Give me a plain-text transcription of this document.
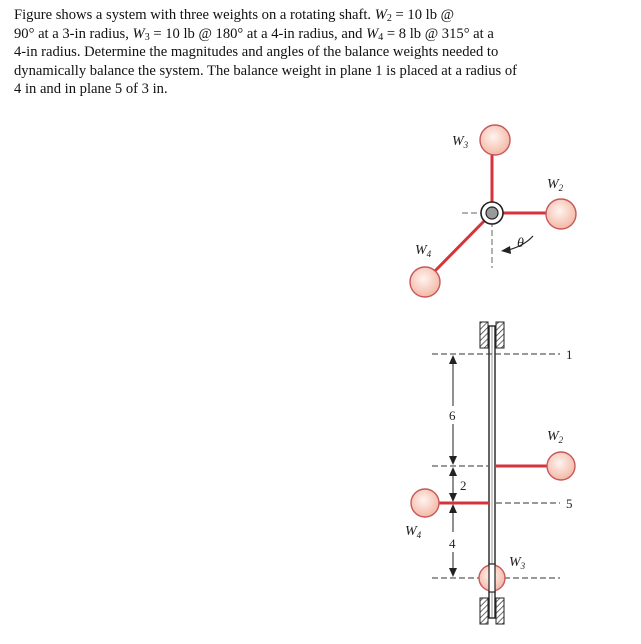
Figure shows a system with three weights on a rotating shaft. $W_2 = 10$ lb @
90° at a 3-in radius, $W_3 = 10$ lb @ 180° at a 4-in radius, and $W_4 = 8$ lb @ 315° at a
4-in radius. Determine the magnitudes and angles of the balance weights needed to
dynamically balance the system. The balance weight in plane 1 is placed at a radius of
4 in and in plane 5 of 3 in.

$W_3$
$W_2$
$W_4$
θ
1
5
$W_2$
$W_4$
$W_3$
6
2
4
